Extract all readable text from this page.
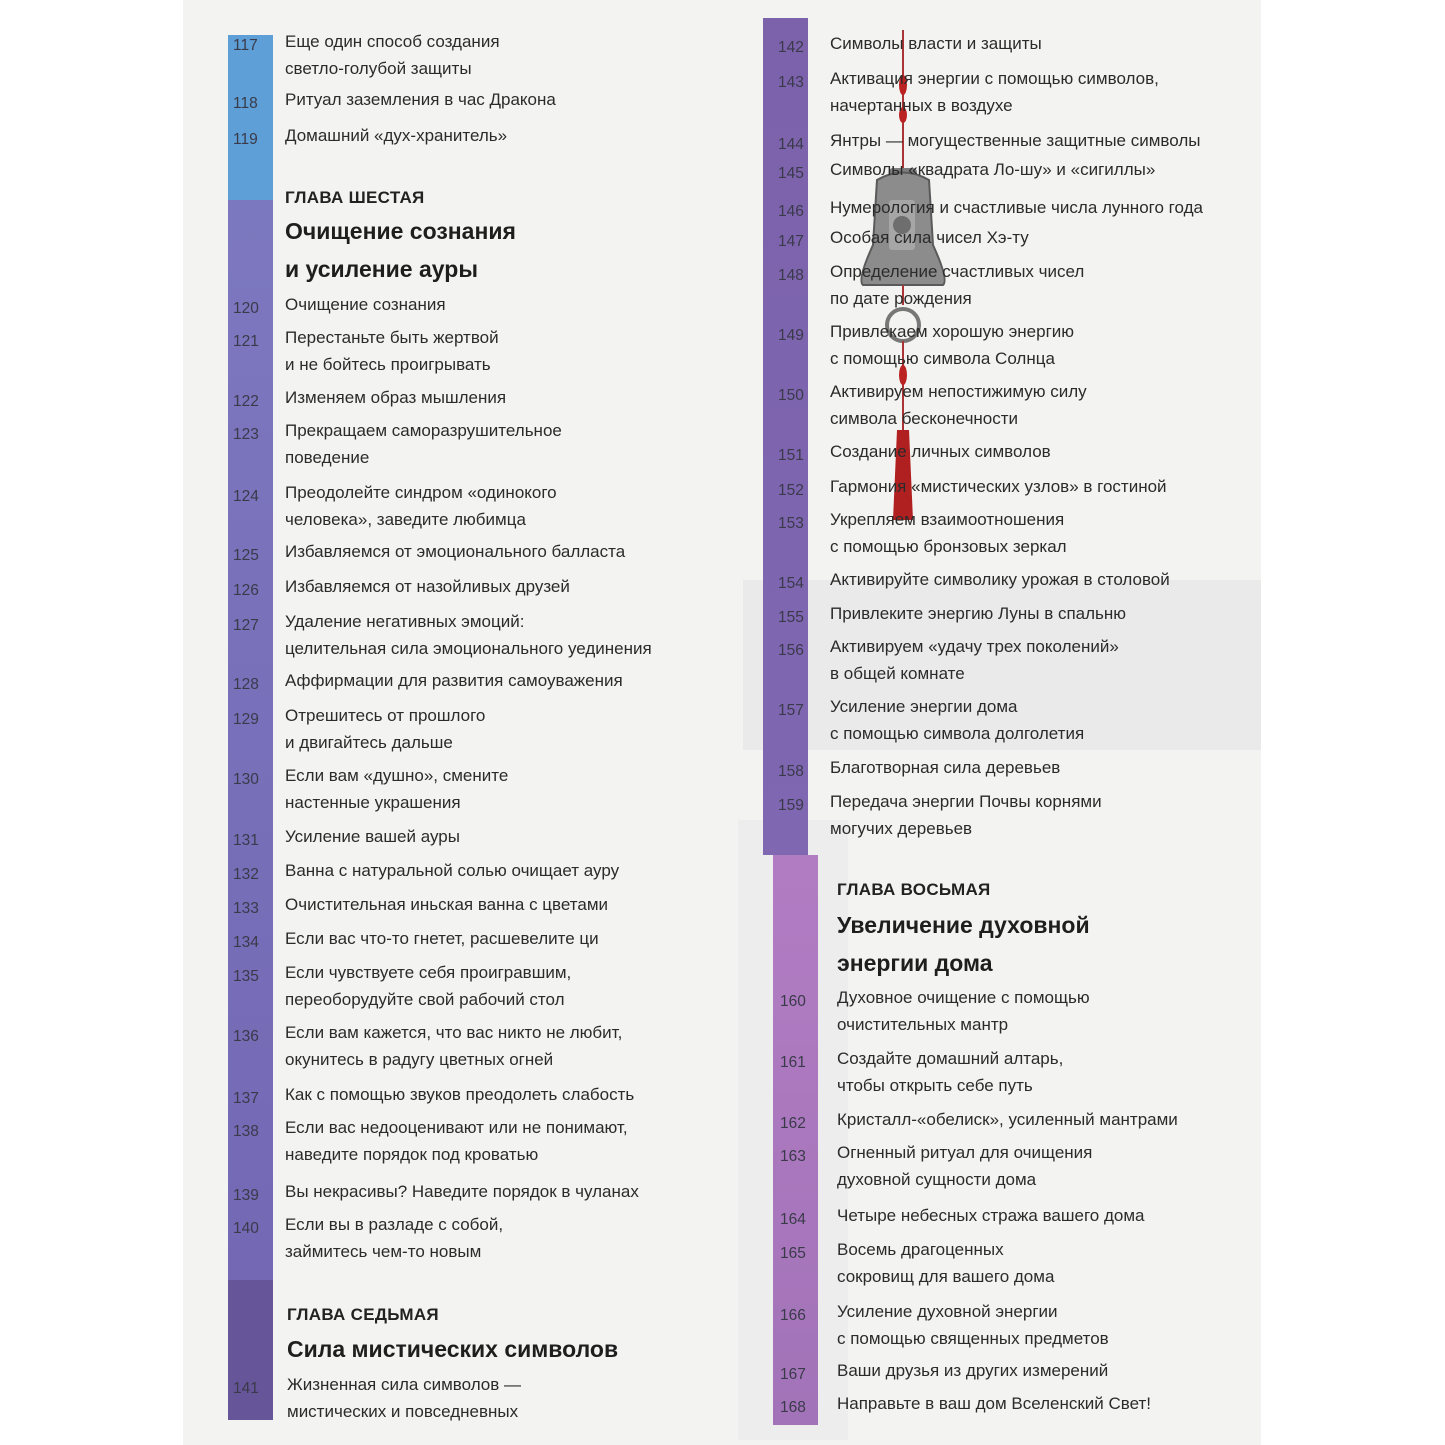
117 Еще один способ создания
светло-голубой защиты
118 Ритуал заземления в час Дракона
119 Домашний «дух-хранитель»
ГЛАВА ШЕСТАЯ
Очищение сознания
и усиление ауры
120 Очищение сознания
121 Перестаньте быть жертвой
и не бойтесь проигрывать
122 Изменяем образ мышления
123 Прекращаем саморазрушительное
поведение
124 Преодолейте синдром «одинокого
человека», заведите любимца
125 Избавляемся от эмоционального балласта
126 Избавляемся от назойливых друзей
127 Удаление негативных эмоций:
целительная сила эмоционального уединения
128 Аффирмации для развития самоуважения
129 Отрешитесь от прошлого
и двигайтесь дальше
130 Если вам «душно», смените
настенные украшения
131 Усиление вашей ауры
132 Ванна с натуральной солью очищает ауру
133 Очистительная иньская ванна с цветами
134 Если вас что-то гнетет, расшевелите ци
135 Если чувствуете себя проигравшим,
переоборудуйте свой рабочий стол
136 Если вам кажется, что вас никто не любит,
окунитесь в радугу цветных огней
137 Как с помощью звуков преодолеть слабость
138 Если вас недооценивают или не понимают,
наведите порядок под кроватью
139 Вы некрасивы? Наведите порядок в чуланах
140 Если вы в разладе с собой,
займитесь чем-то новым
ГЛАВА СЕДЬМАЯ
Сила мистических символов
141 Жизненная сила символов —
мистических и повседневных
142 Символы власти и защиты
143 Активация энергии с помощью символов,
начертанных в воздухе
144 Янтры — могущественные защитные символы
145 Символы «квадрата Ло-шу» и «сигиллы»
146 Нумерология и счастливые числа лунного года
147 Особая сила чисел Хэ-ту
148 Определение счастливых чисел
по дате рождения
149 Привлекаем хорошую энергию
с помощью символа Солнца
150 Активируем непостижимую силу
символа бесконечности
151 Создание личных символов
152 Гармония «мистических узлов» в гостиной
153 Укрепляем взаимоотношения
с помощью бронзовых зеркал
154 Активируйте символику урожая в столовой
155 Привлеките энергию Луны в спальню
156 Активируем «удачу трех поколений»
в общей комнате
157 Усиление энергии дома
с помощью символа долголетия
158 Благотворная сила деревьев
159 Передача энергии Почвы корнями
могучих деревьев
ГЛАВА ВОСЬМАЯ
Увеличение духовной
энергии дома
160 Духовное очищение с помощью
очистительных мантр
161 Создайте домашний алтарь,
чтобы открыть себе путь
162 Кристалл-«обелиск», усиленный мантрами
163 Огненный ритуал для очищения
духовной сущности дома
164 Четыре небесных стража вашего дома
165 Восемь драгоценных
сокровищ для вашего дома
166 Усиление духовной энергии
с помощью священных предметов
167 Ваши друзья из других измерений
168 Направьте в ваш дом Вселенский Свет!
